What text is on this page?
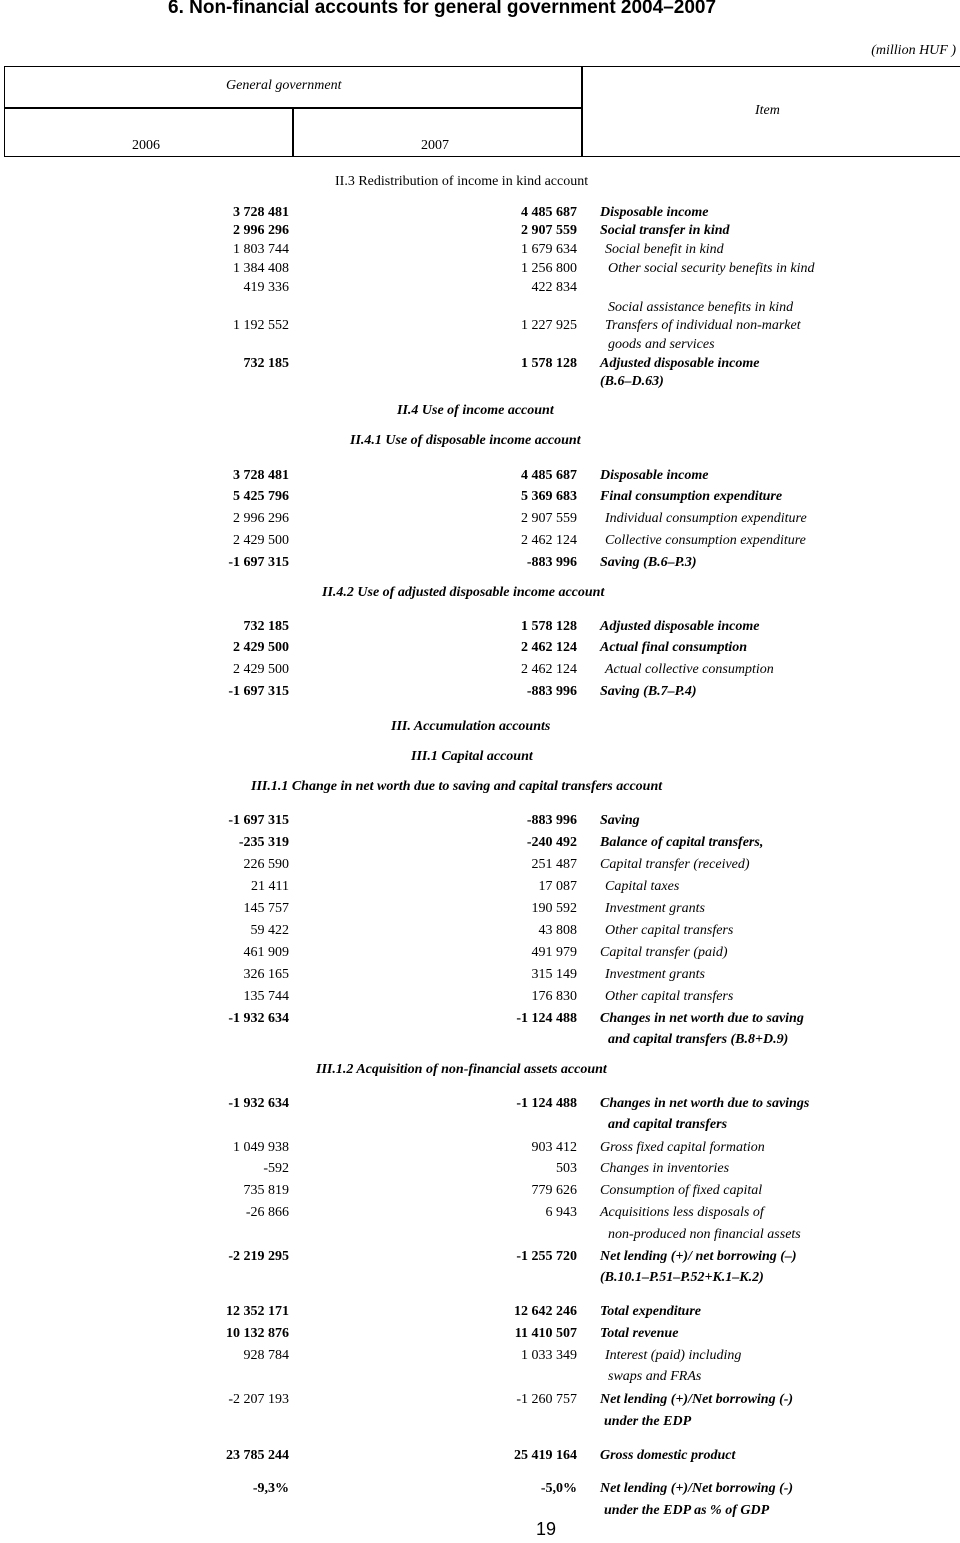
6. Non-financial accounts for general government 2004–2007
(million HUF )
General government
Item
2006	2007
II.3 Redistribution of income in kind account
3 728 481	4 485 687 Disposable income
2 996 296	2 907 559 Social transfer in kind
1 803 744	1 679 634 Social benefit in kind
1 384 408	1 256 800 Other social security benefits in kind
419 336	422 834
Social assistance benefits in kind
1 192 552	1 227 925 Transfers of individual non-market
goods and services
732 185	1 578 128 Adjusted disposable income
(B.6–D.63)
II.4 Use of income account
II.4.1 Use of disposable income account
3 728 481	4 485 687 Disposable income
5 425 796	5 369 683 Final consumption expenditure
2 996 296	2 907 559 Individual consumption expenditure
2 429 500	2 462 124 Collective consumption expenditure
-1 697 315	-883 996 Saving (B.6–P.3)
II.4.2 Use of adjusted disposable income account
732 185	1 578 128 Adjusted disposable income
2 429 500	2 462 124 Actual final consumption
2 429 500	2 462 124 Actual collective consumption
-1 697 315	-883 996 Saving (B.7–P.4)
III. Accumulation accounts
III.1 Capital account
III.1.1 Change in net worth due to saving and capital transfers account
-1 697 315	-883 996 Saving
-235 319	-240 492 Balance of capital transfers,
226 590	251 487 Capital transfer (received)
21 411	17 087 Capital taxes
145 757	190 592 Investment grants
59 422	43 808 Other capital transfers
461 909	491 979 Capital transfer (paid)
326 165	315 149 Investment grants
135 744	176 830 Other capital transfers
-1 932 634	-1 124 488 Changes in net worth due to saving
and capital transfers (B.8+D.9)
III.1.2 Acquisition of non-financial assets account
-1 932 634	-1 124 488 Changes in net worth due to savings
and capital transfers
1 049 938	903 412 Gross fixed capital formation
-592	503 Changes in inventories
735 819	779 626 Consumption of fixed capital
-26 866	6 943 Acquisitions less disposals of
non-produced non financial assets
-2 219 295	-1 255 720 Net lending (+)/ net borrowing (–)
(B.10.1–P.51–P.52+K.1–K.2)
12 352 171	12 642 246 Total expenditure
10 132 876	11 410 507 Total revenue
928 784	1 033 349 Interest (paid) including
swaps and FRAs
-2 207 193	-1 260 757 Net lending (+)/Net borrowing (-)
under the EDP
23 785 244	25 419 164 Gross domestic product
-9,3%	-5,0% Net lending (+)/Net borrowing (-)
under the EDP as % of GDP
19
